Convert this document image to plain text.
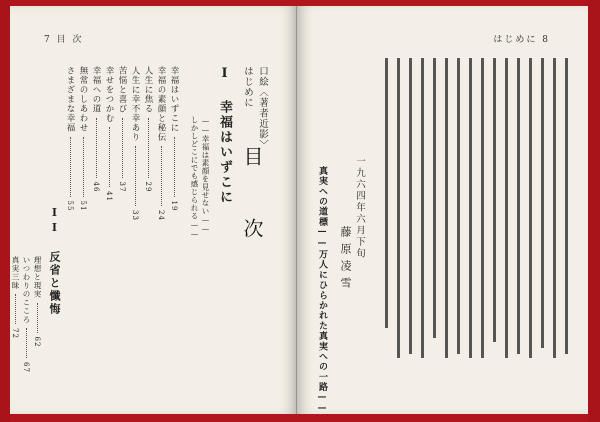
7 目 次
目 次
口絵〈著者近影〉
はじめに
I 幸福はいずこに
——幸福は素顔を見せない——
しかしどこにでも感じられる——
幸福はいずこに19
幸福の素顔と秘伝24
人生に焦る29
人生に幸不幸あり33
苦悩と喜び37
幸せをつかむ41
幸福への道46
無常のしあわせ51
さまざまな幸福55
II 反省と懺悔
理想と現実62
いつわりのこころ67
真実三昧72
はじめに 8
真実への道標——万人にひらかれた真実への一路——	一九六四年六月下旬
藤原凌雪
